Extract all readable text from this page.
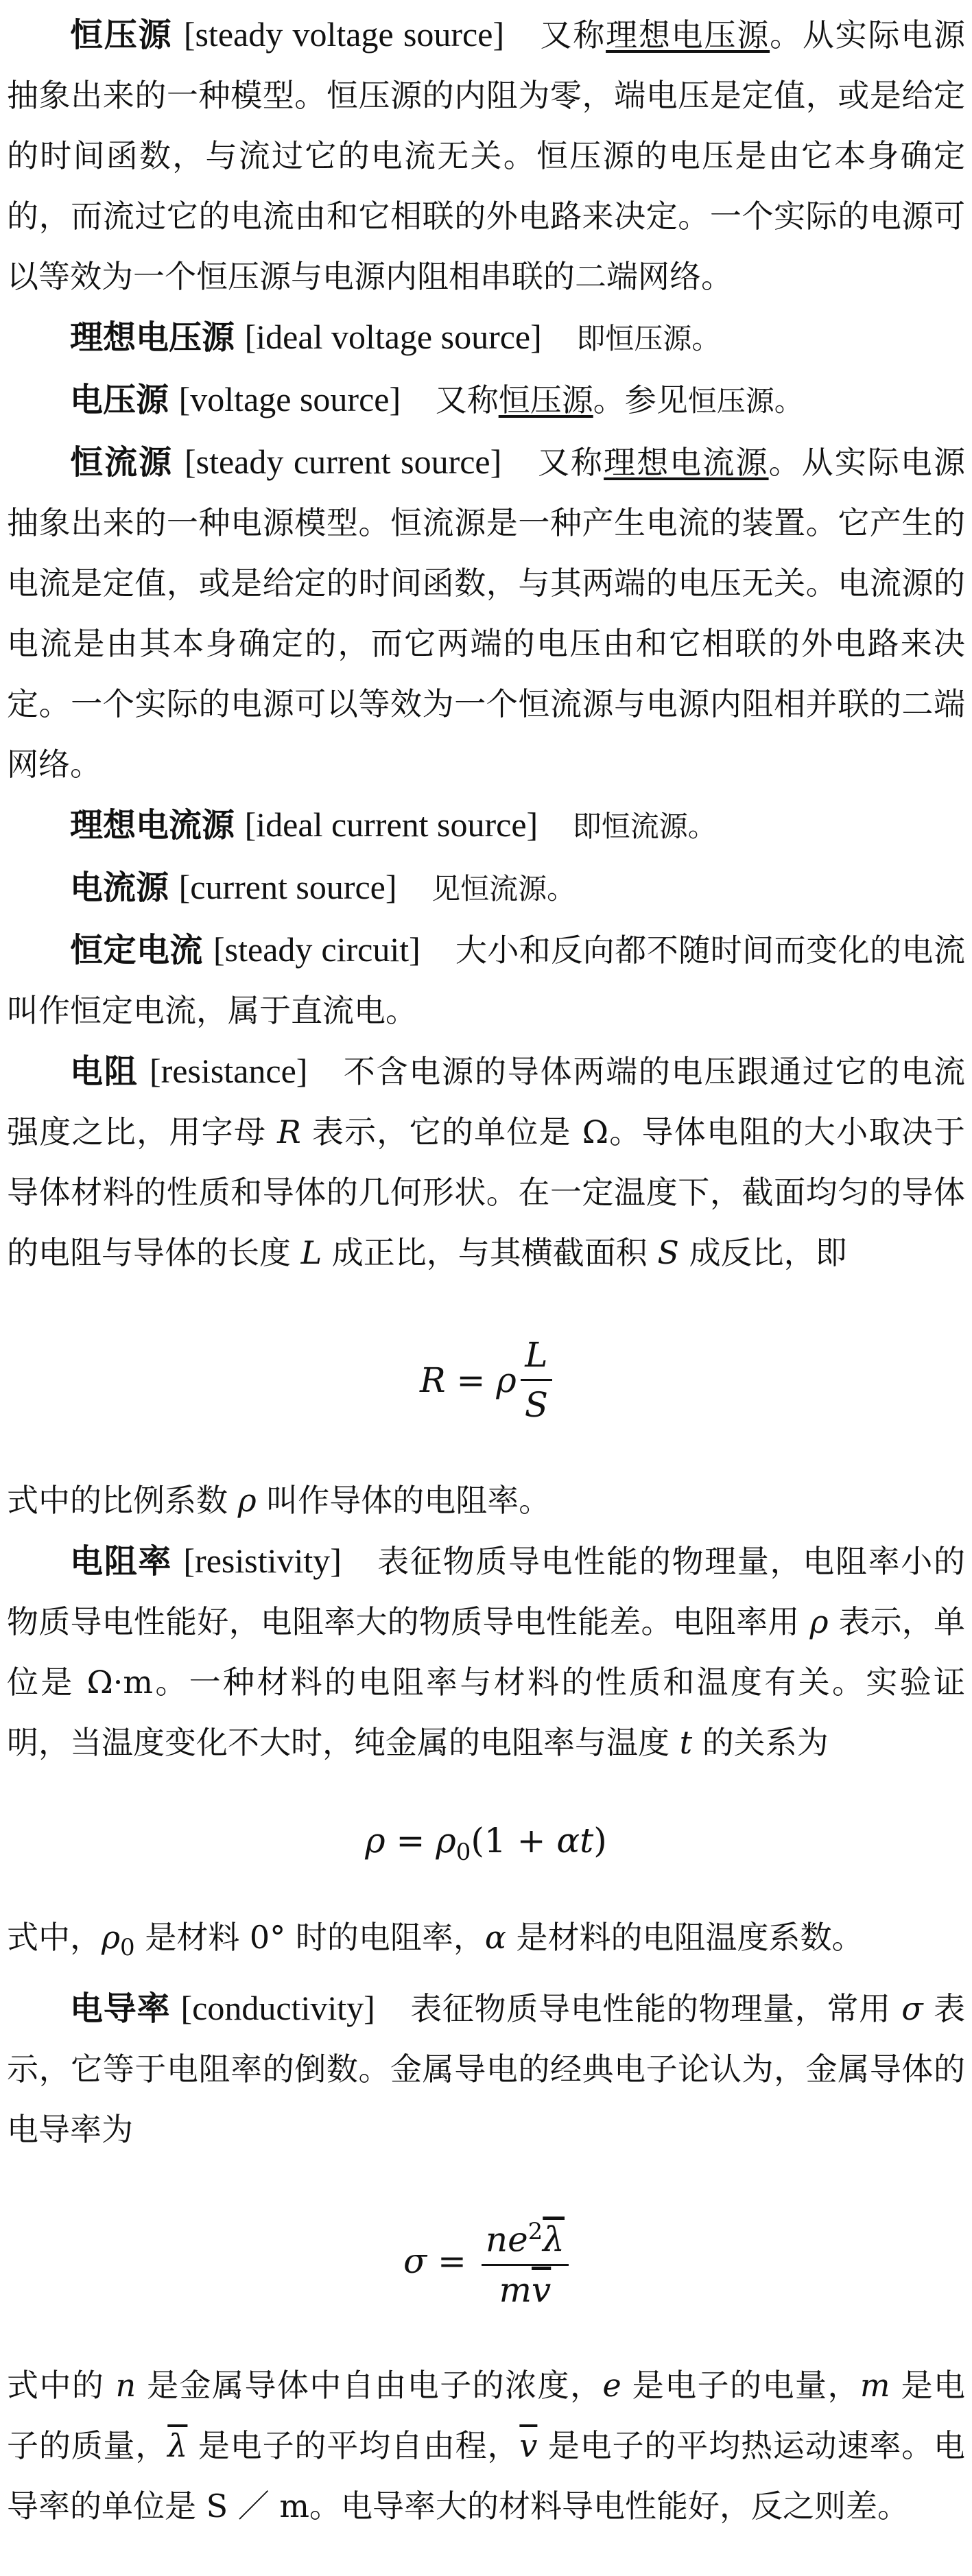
恒压源 [steady voltage source] 又称理想电压源。从实际电源抽象出来的一种模型。恒压源的内阻为零，端电压是定值，或是给定的时间函数，与流过它的电流无关。恒压源的电压是由它本身确定的，而流过它的电流由和它相联的外电路来决定。一个实际的电源可以等效为一个恒压源与电源内阻相串联的二端网络。

理想电压源 [ideal voltage source] 即恒压源。

电压源 [voltage source] 又称恒压源。参见恒压源。

恒流源 [steady current source] 又称理想电流源。从实际电源抽象出来的一种电源模型。恒流源是一种产生电流的装置。它产生的电流是定值，或是给定的时间函数，与其两端的电压无关。电流源的电流是由其本身确定的，而它两端的电压由和它相联的外电路来决定。一个实际的电源可以等效为一个恒流源与电源内阻相并联的二端网络。

理想电流源 [ideal current source] 即恒流源。

电流源 [current source] 见恒流源。

恒定电流 [steady circuit] 大小和反向都不随时间而变化的电流叫作恒定电流，属于直流电。

电阻 [resistance] 不含电源的导体两端的电压跟通过它的电流强度之比，用字母 R 表示，它的单位是 Ω。导体电阻的大小取决于导体材料的性质和导体的几何形状。在一定温度下，截面均匀的导体的电阻与导体的长度 L 成正比，与其横截面积 S 成反比，即

R = ρ $\frac{L}{S}$

式中的比例系数 ρ 叫作导体的电阻率。

电阻率 [resistivity] 表征物质导电性能的物理量，电阻率小的物质导电性能好，电阻率大的物质导电性能差。电阻率用 ρ 表示，单位是 Ω·m。一种材料的电阻率与材料的性质和温度有关。实验证明，当温度变化不大时，纯金属的电阻率与温度 t 的关系为

$\rho = \rho_0(1 + \alpha t)$

式中，$\rho_0$ 是材料 0° 时的电阻率，α 是材料的电阻温度系数。

电导率 [conductivity] 表征物质导电性能的物理量，常用 σ 表示，它等于电阻率的倒数。金属导电的经典电子论认为，金属导体的电导率为

$\sigma = \frac{ne^2\overline{\lambda}}{m\overline{v}}$

式中的 n 是金属导体中自由电子的浓度，e 是电子的电量，m 是电子的质量，$\overline{\lambda}$ 是电子的平均自由程，$\overline{v}$ 是电子的平均热运动速率。电导率的单位是 S ／ m。电导率大的材料导电性能好，反之则差。
